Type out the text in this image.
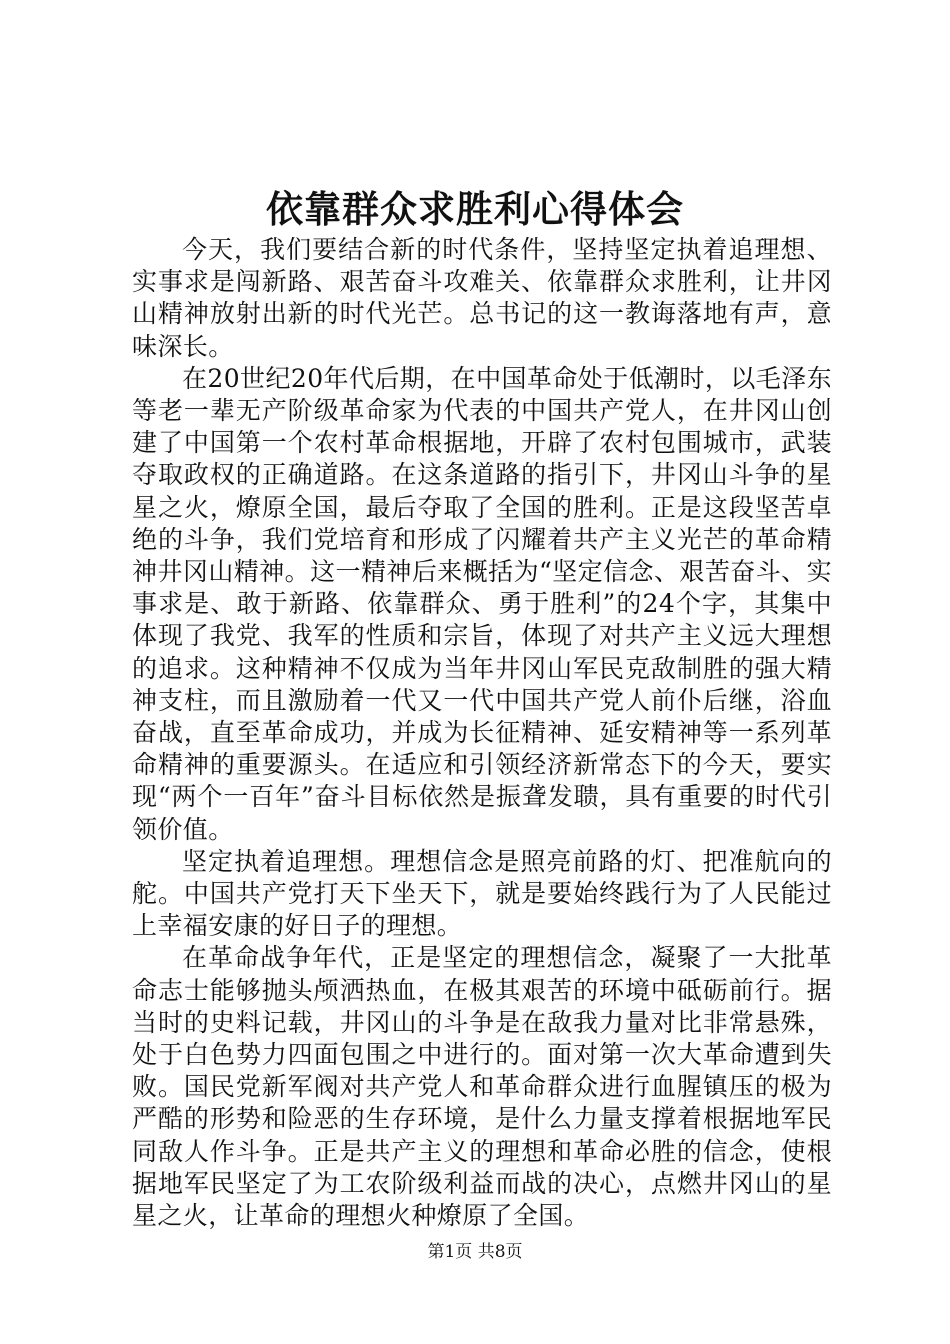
依靠群众求胜利心得体会

今天，我们要结合新的时代条件，坚持坚定执着追理想、实事求是闯新路、艰苦奋斗攻难关、依靠群众求胜利，让井冈山精神放射出新的时代光芒。总书记的这一教诲落地有声，意味深长。

在20世纪20年代后期，在中国革命处于低潮时，以毛泽东等老一辈无产阶级革命家为代表的中国共产党人，在井冈山创建了中国第一个农村革命根据地，开辟了农村包围城市，武装夺取政权的正确道路。在这条道路的指引下，井冈山斗争的星星之火，燎原全国，最后夺取了全国的胜利。正是这段坚苦卓绝的斗争，我们党培育和形成了闪耀着共产主义光芒的革命精神井冈山精神。这一精神后来概括为“坚定信念、艰苦奋斗、实事求是、敢于新路、依靠群众、勇于胜利”的24个字，其集中体现了我党、我军的性质和宗旨，体现了对共产主义远大理想的追求。这种精神不仅成为当年井冈山军民克敌制胜的强大精神支柱，而且激励着一代又一代中国共产党人前仆后继，浴血奋战，直至革命成功，并成为长征精神、延安精神等一系列革命精神的重要源头。在适应和引领经济新常态下的今天，要实现“两个一百年”奋斗目标依然是振聋发聩，具有重要的时代引领价值。

坚定执着追理想。理想信念是照亮前路的灯、把准航向的舵。中国共产党打天下坐天下，就是要始终践行为了人民能过上幸福安康的好日子的理想。

在革命战争年代，正是坚定的理想信念，凝聚了一大批革命志士能够抛头颅洒热血，在极其艰苦的环境中砥砺前行。据当时的史料记载，井冈山的斗争是在敌我力量对比非常悬殊，处于白色势力四面包围之中进行的。面对第一次大革命遭到失败。国民党新军阀对共产党人和革命群众进行血腥镇压的极为严酷的形势和险恶的生存环境，是什么力量支撑着根据地军民同敌人作斗争。正是共产主义的理想和革命必胜的信念，使根据地军民坚定了为工农阶级利益而战的决心，点燃井冈山的星星之火，让革命的理想火种燎原了全国。

第1页 共8页
